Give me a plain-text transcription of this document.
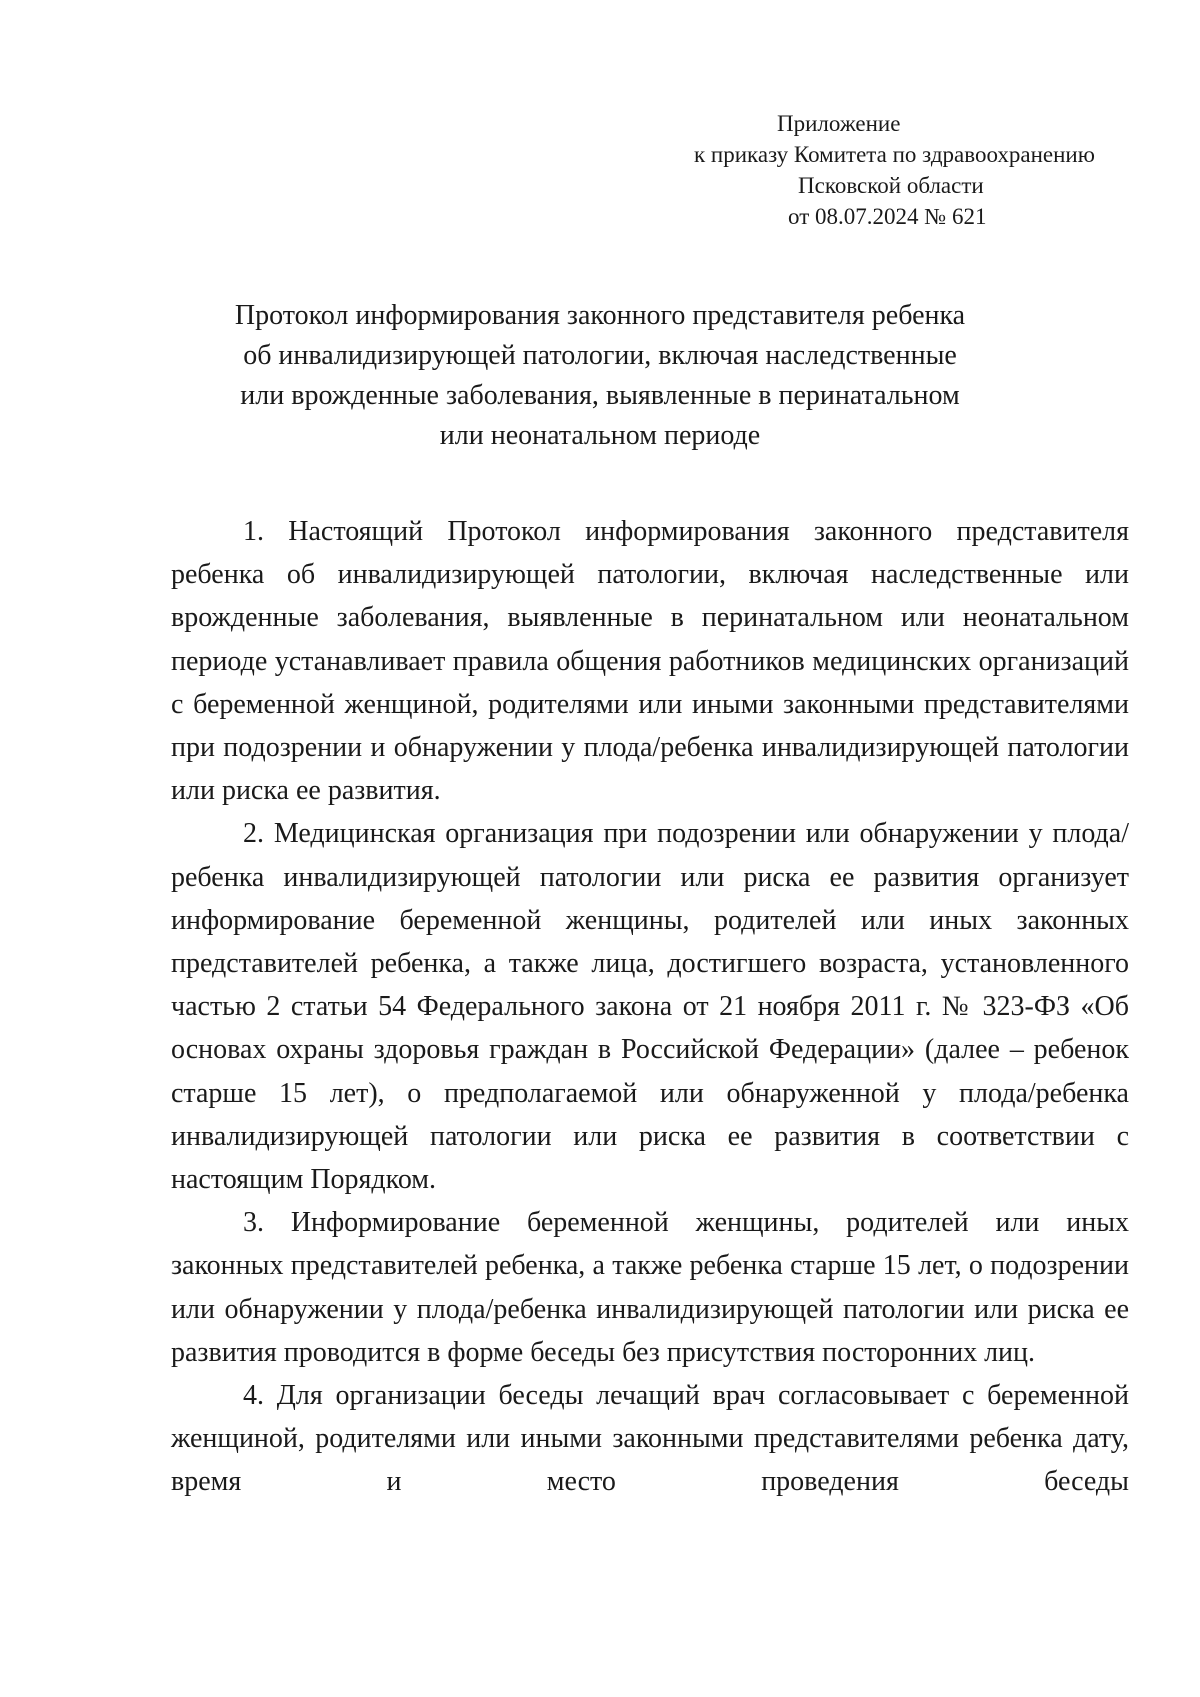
Приложение
к приказу Комитета по здравоохранению
Псковской области
от 08.07.2024 № 621
Протокол информирования законного представителя ребенка
об инвалидизирующей патологии, включая наследственные
или врожденные заболевания, выявленные в перинатальном
или неонатальном периоде

1. Настоящий Протокол информирования законного представителя ребенка об инвалидизирующей патологии, включая наследственные или врожденные заболевания, выявленные в перинатальном или неонатальном периоде устанавливает правила общения работников медицинских организаций с беременной женщиной, родителями или иными законными представителями при подозрении и обнаружении у плода/ребенка инвалидизирующей патологии или риска ее развития.

2. Медицинская организация при подозрении или обнаружении у плода/ребенка инвалидизирующей патологии или риска ее развития организует информирование беременной женщины, родителей или иных законных представителей ребенка, а также лица, достигшего возраста, установленного частью 2 статьи 54 Федерального закона от 21 ноября 2011 г. № 323-ФЗ «Об основах охраны здоровья граждан в Российской Федерации» (далее – ребенок старше 15 лет), о предполагаемой или обнаруженной у плода/ребенка инвалидизирующей патологии или риска ее развития в соответствии с настоящим Порядком.

3. Информирование беременной женщины, родителей или иных законных представителей ребенка, а также ребенка старше 15 лет, о подозрении или обнаружении у плода/ребенка инвалидизирующей патологии или риска ее развития проводится в форме беседы без присутствия посторонних лиц.

4. Для организации беседы лечащий врач согласовывает с беременной женщиной, родителями или иными законными представителями ребенка дату, время и место проведения беседы
